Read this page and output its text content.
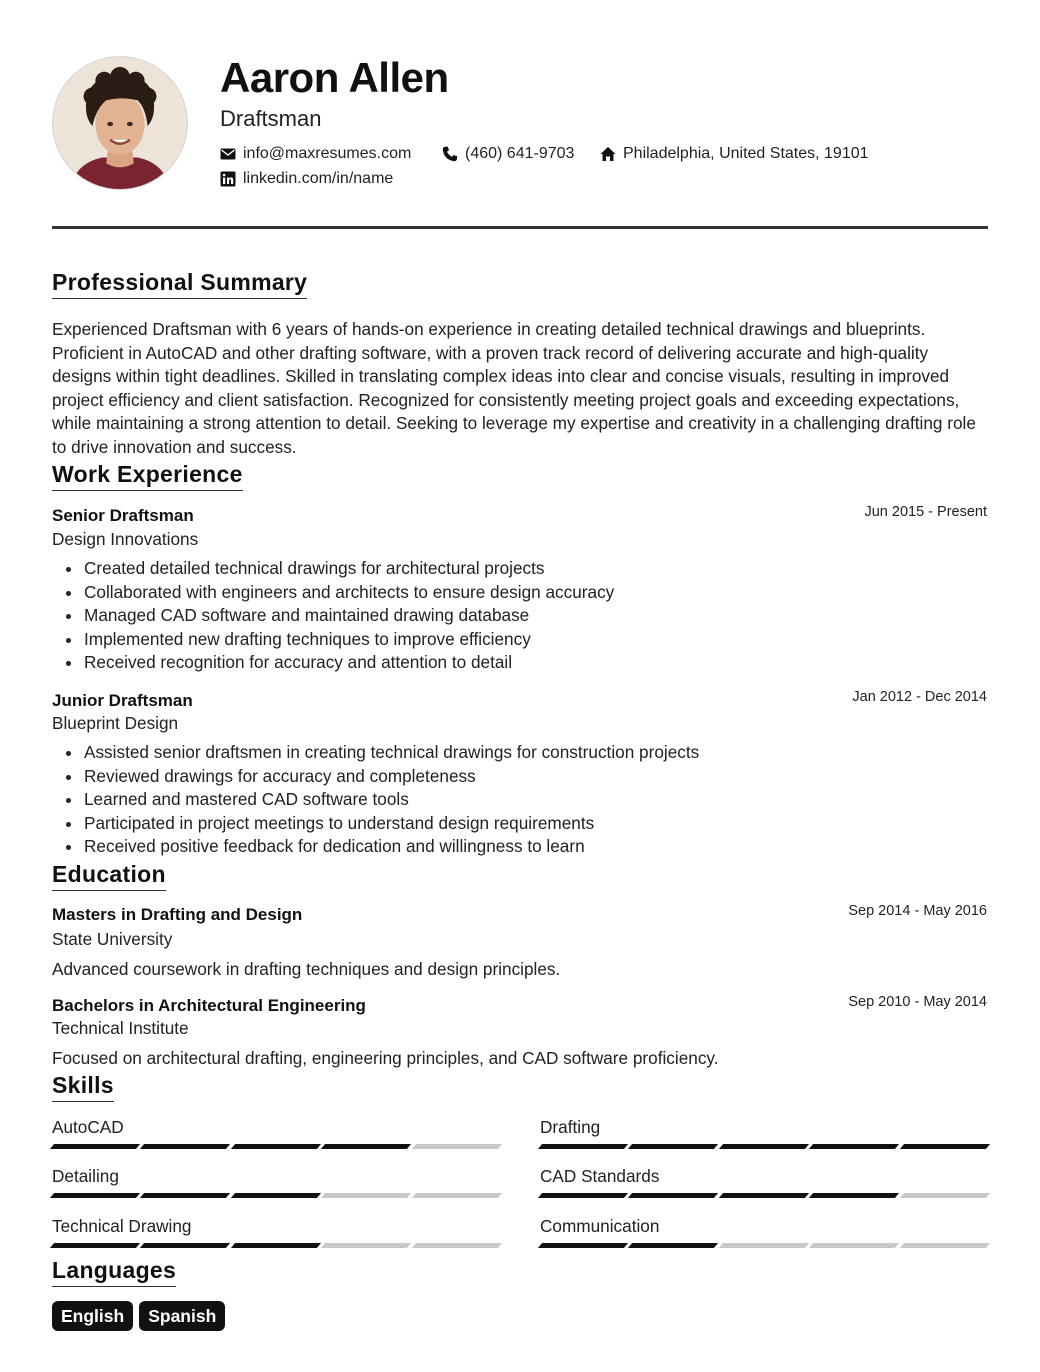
Aaron Allen
Draftsman
info@maxresumes.com	(460) 641-9703	Philadelphia, United States, 19101
linkedin.com/in/name
Professional Summary
Experienced Draftsman with 6 years of hands-on experience in creating detailed technical drawings and blueprints. Proficient in AutoCAD and other drafting software, with a proven track record of delivering accurate and high-quality designs within tight deadlines. Skilled in translating complex ideas into clear and concise visuals, resulting in improved project efficiency and client satisfaction. Recognized for consistently meeting project goals and exceeding expectations, while maintaining a strong attention to detail. Seeking to leverage my expertise and creativity in a challenging drafting role to drive innovation and success.
Work Experience
Senior Draftsman	Jun 2015 - Present
Design Innovations
Created detailed technical drawings for architectural projects
Collaborated with engineers and architects to ensure design accuracy
Managed CAD software and maintained drawing database
Implemented new drafting techniques to improve efficiency
Received recognition for accuracy and attention to detail
Junior Draftsman	Jan 2012 - Dec 2014
Blueprint Design
Assisted senior draftsmen in creating technical drawings for construction projects
Reviewed drawings for accuracy and completeness
Learned and mastered CAD software tools
Participated in project meetings to understand design requirements
Received positive feedback for dedication and willingness to learn
Education
Masters in Drafting and Design	Sep 2014 - May 2016
State University
Advanced coursework in drafting techniques and design principles.
Bachelors in Architectural Engineering	Sep 2010 - May 2014
Technical Institute
Focused on architectural drafting, engineering principles, and CAD software proficiency.
Skills
AutoCAD	Drafting
Detailing	CAD Standards
Technical Drawing	Communication
Languages
English	Spanish
